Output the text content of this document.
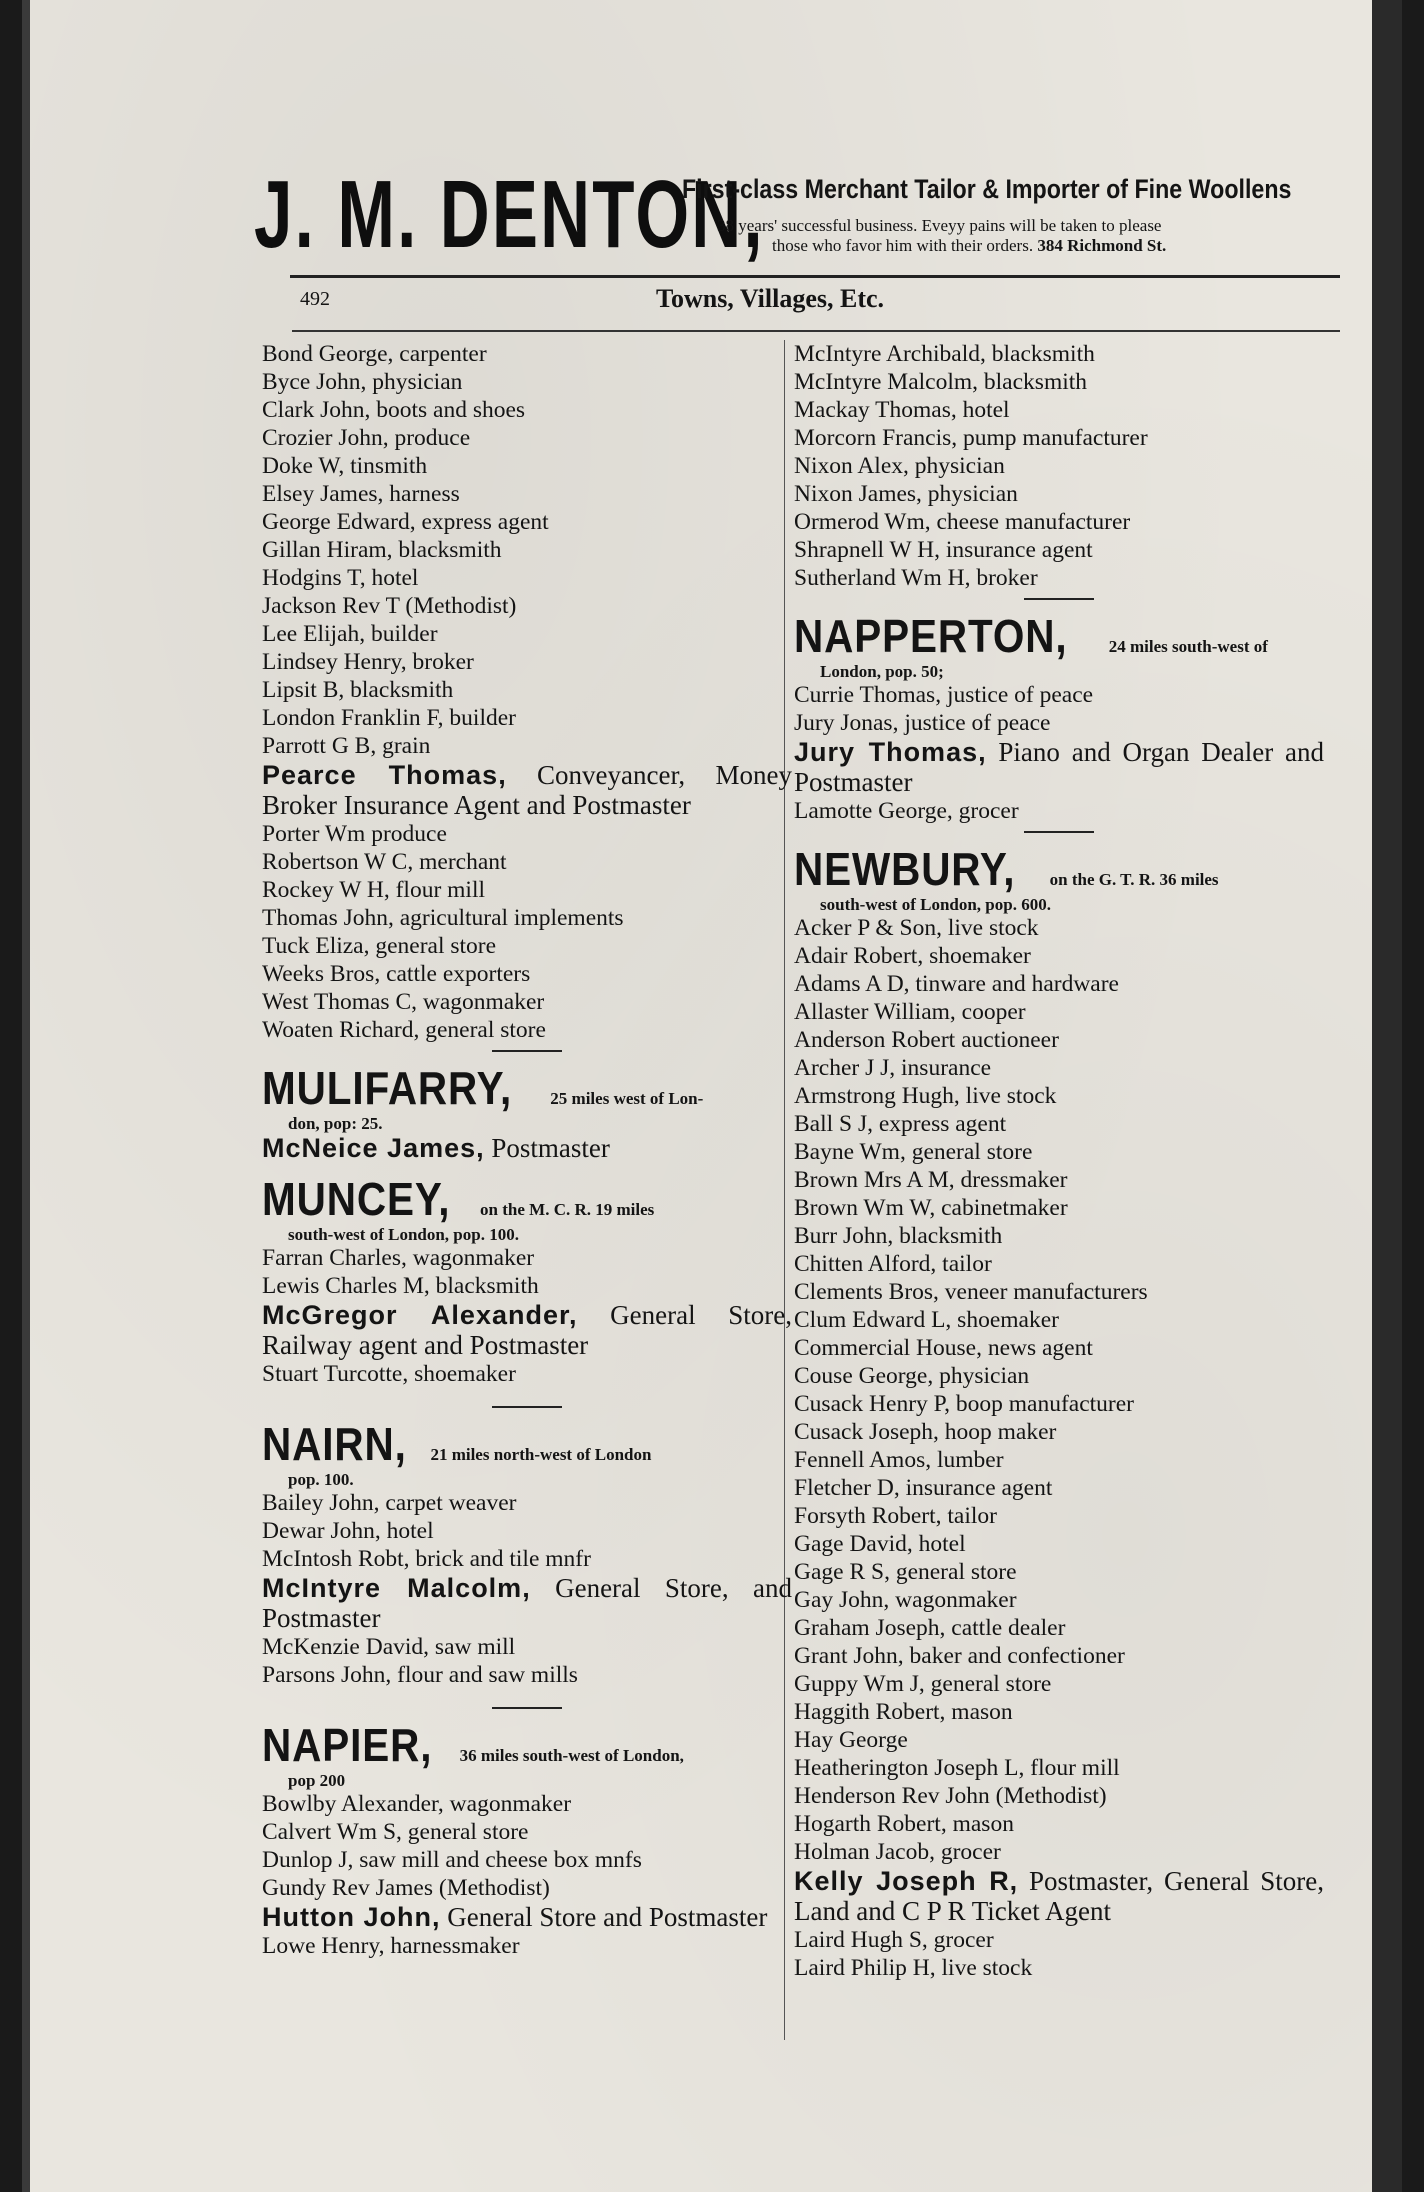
J. M. DENTON,
First-class Merchant Tailor & Importer of Fine Woollens
38 years' successful business. Eveyy pains will be taken to please
those who favor him with their orders. 384 Richmond St.
492	Towns, Villages, Etc.
Bond George, carpenter
Byce John, physician
Clark John, boots and shoes
Crozier John, produce
Doke W, tinsmith
Elsey James, harness
George Edward, express agent
Gillan Hiram, blacksmith
Hodgins T, hotel
Jackson Rev T (Methodist)
Lee Elijah, builder
Lindsey Henry, broker
Lipsit B, blacksmith
London Franklin F, builder
Parrott G B, grain
Pearce Thomas, Conveyancer, Money Broker Insurance Agent and Postmaster
Porter Wm produce
Robertson W C, merchant
Rockey W H, flour mill
Thomas John, agricultural implements
Tuck Eliza, general store
Weeks Bros, cattle exporters
West Thomas C, wagonmaker
Woaten Richard, general store
MULIFARRY, 25 miles west of Lon-
don, pop: 25.
McNeice James, Postmaster
MUNCEY, on the M. C. R. 19 miles
south-west of London, pop. 100.
Farran Charles, wagonmaker
Lewis Charles M, blacksmith
McGregor Alexander, General Store, Railway agent and Postmaster
Stuart Turcotte, shoemaker
NAIRN, 21 miles north-west of London
pop. 100.
Bailey John, carpet weaver
Dewar John, hotel
McIntosh Robt, brick and tile mnfr
McIntyre Malcolm, General Store, and Postmaster
McKenzie David, saw mill
Parsons John, flour and saw mills
NAPIER, 36 miles south-west of London,
pop 200
Bowlby Alexander, wagonmaker
Calvert Wm S, general store
Dunlop J, saw mill and cheese box mnfs
Gundy Rev James (Methodist)
Hutton John, General Store and Postmaster
Lowe Henry, harnessmaker
McIntyre Archibald, blacksmith
McIntyre Malcolm, blacksmith
Mackay Thomas, hotel
Morcorn Francis, pump manufacturer
Nixon Alex, physician
Nixon James, physician
Ormerod Wm, cheese manufacturer
Shrapnell W H, insurance agent
Sutherland Wm H, broker
NAPPERTON, 24 miles south-west of
London, pop. 50;
Currie Thomas, justice of peace
Jury Jonas, justice of peace
Jury Thomas, Piano and Organ Dealer and Postmaster
Lamotte George, grocer
NEWBURY, on the G. T. R. 36 miles
south-west of London, pop. 600.
Acker P & Son, live stock
Adair Robert, shoemaker
Adams A D, tinware and hardware
Allaster William, cooper
Anderson Robert auctioneer
Archer J J, insurance
Armstrong Hugh, live stock
Ball S J, express agent
Bayne Wm, general store
Brown Mrs A M, dressmaker
Brown Wm W, cabinetmaker
Burr John, blacksmith
Chitten Alford, tailor
Clements Bros, veneer manufacturers
Clum Edward L, shoemaker
Commercial House, news agent
Couse George, physician
Cusack Henry P, boop manufacturer
Cusack Joseph, hoop maker
Fennell Amos, lumber
Fletcher D, insurance agent
Forsyth Robert, tailor
Gage David, hotel
Gage R S, general store
Gay John, wagonmaker
Graham Joseph, cattle dealer
Grant John, baker and confectioner
Guppy Wm J, general store
Haggith Robert, mason
Hay George
Heatherington Joseph L, flour mill
Henderson Rev John (Methodist)
Hogarth Robert, mason
Holman Jacob, grocer
Kelly Joseph R, Postmaster, General Store, Land and C P R Ticket Agent
Laird Hugh S, grocer
Laird Philip H, live stock
